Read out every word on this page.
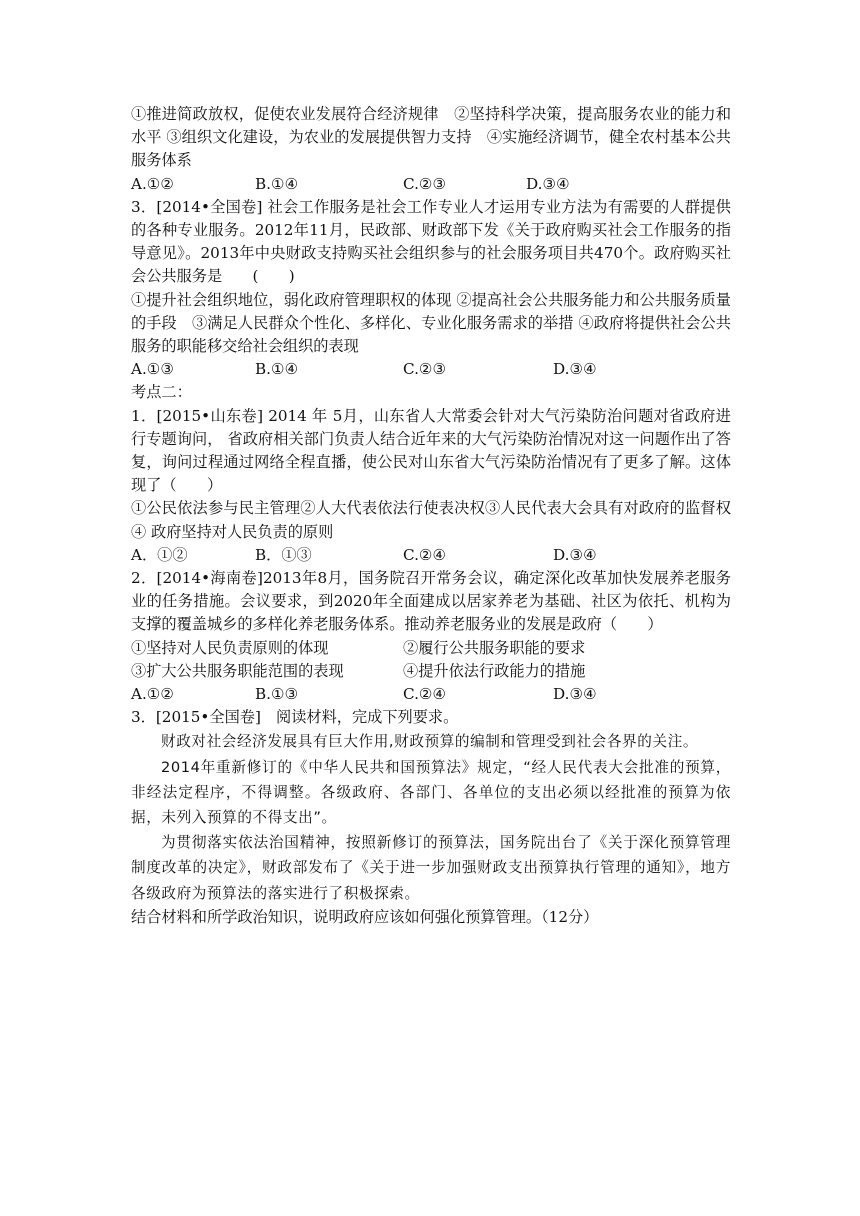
①推进简政放权，促使农业发展符合经济规律　②坚持科学决策，提高服务农业的能力和水平 ③组织文化建设，为农业的发展提供智力支持　④实施经济调节，健全农村基本公共服务体系

A.①②	B.①④	C.②③	D.③④

3．[2014•全国卷] 社会工作服务是社会工作专业人才运用专业方法为有需要的人群提供的各种专业服务。2012年11月，民政部、财政部下发《关于政府购买社会工作服务的指导意见》。2013年中央财政支持购买社会组织参与的社会服务项目共470个。政府购买社会公共服务是　　(　　)

①提升社会组织地位，弱化政府管理职权的体现 ②提高社会公共服务能力和公共服务质量的手段　③满足人民群众个性化、多样化、专业化服务需求的举措 ④政府将提供社会公共服务的职能移交给社会组织的表现

A.①③	B.①④	C.②③	D.③④

考点二：

1．[2015•山东卷] 2014 年 5月，山东省人大常委会针对大气污染防治问题对省政府进行专题询问， 省政府相关部门负责人结合近年来的大气污染防治情况对这一问题作出了答复，询问过程通过网络全程直播，使公民对山东省大气污染防治情况有了更多了解。这体现了（　　）

①公民依法参与民主管理②人大代表依法行使表决权③人民代表大会具有对政府的监督权④ 政府坚持对人民负责的原则

A．①②	B．①③	C.②④	D.③④

2．[2014•海南卷]2013年8月，国务院召开常务会议，确定深化改革加快发展养老服务业的任务措施。会议要求，到2020年全面建成以居家养老为基础、社区为依托、机构为支撑的覆盖城乡的多样化养老服务体系。推动养老服务业的发展是政府（　　）

①坚持对人民负责原则的体现	②履行公共服务职能的要求
③扩大公共服务职能范围的表现	④提升依法行政能力的措施
A.①②	B.①③	C.②④	D.③④

3．[2015•全国卷]　阅读材料，完成下列要求。

财政对社会经济发展具有巨大作用,财政预算的编制和管理受到社会各界的关注。

2014年重新修订的《中华人民共和国预算法》规定，“经人民代表大会批准的预算，非经法定程序，不得调整。各级政府、各部门、各单位的支出必须以经批准的预算为依据，未列入预算的不得支出”。

为贯彻落实依法治国精神，按照新修订的预算法，国务院出台了《关于深化预算管理制度改革的决定》，财政部发布了《关于进一步加强财政支出预算执行管理的通知》，地方各级政府为预算法的落实进行了积极探索。

结合材料和所学政治知识，说明政府应该如何强化预算管理。（12分）
